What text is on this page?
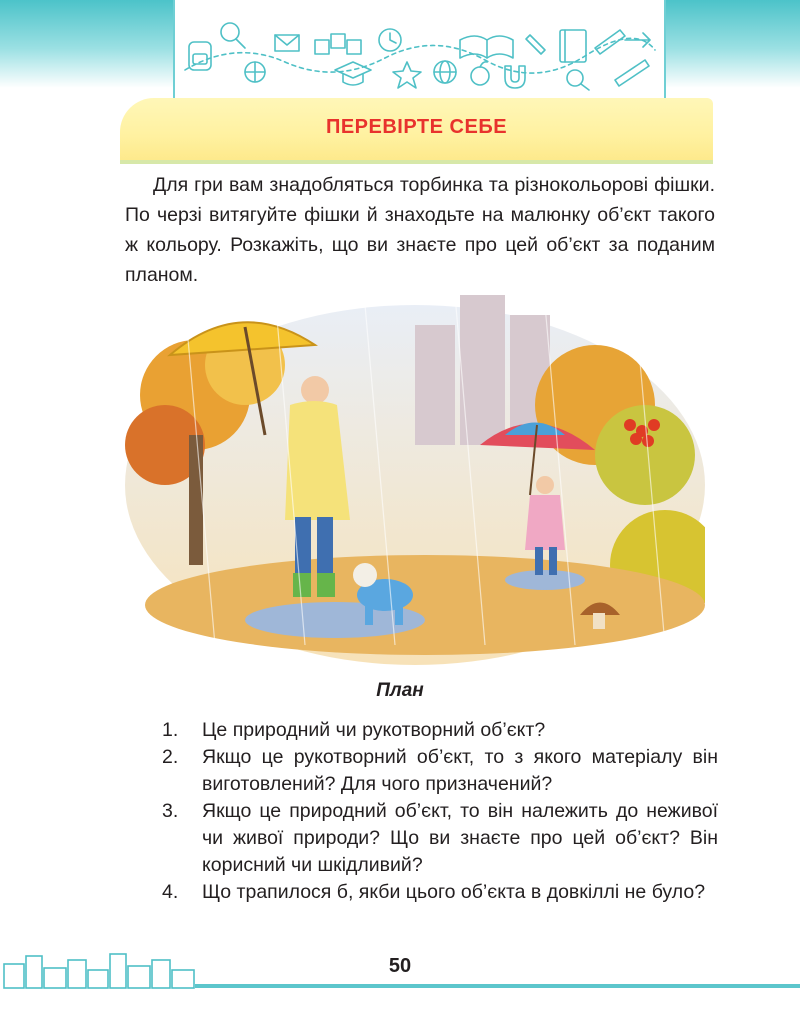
ПЕРЕВІРТЕ СЕБЕ

Для гри вам знадобляться торбинка та різнокольорові фішки. По черзі витягуйте фішки й знаходьте на малюнку об’єкт такого ж кольору. Розкажіть, що ви знаєте про цей об’єкт за поданим планом.

План
1. Це природний чи рукотворний об’єкт?
2. Якщо це рукотворний об’єкт, то з якого матеріалу він виготовлений? Для чого призначений?
3. Якщо це природний об’єкт, то він належить до неживої чи живої природи? Що ви знаєте про цей об’єкт? Він корисний чи шкідливий?
4. Що трапилося б, якби цього об’єкта в довкіллі не було?
50
